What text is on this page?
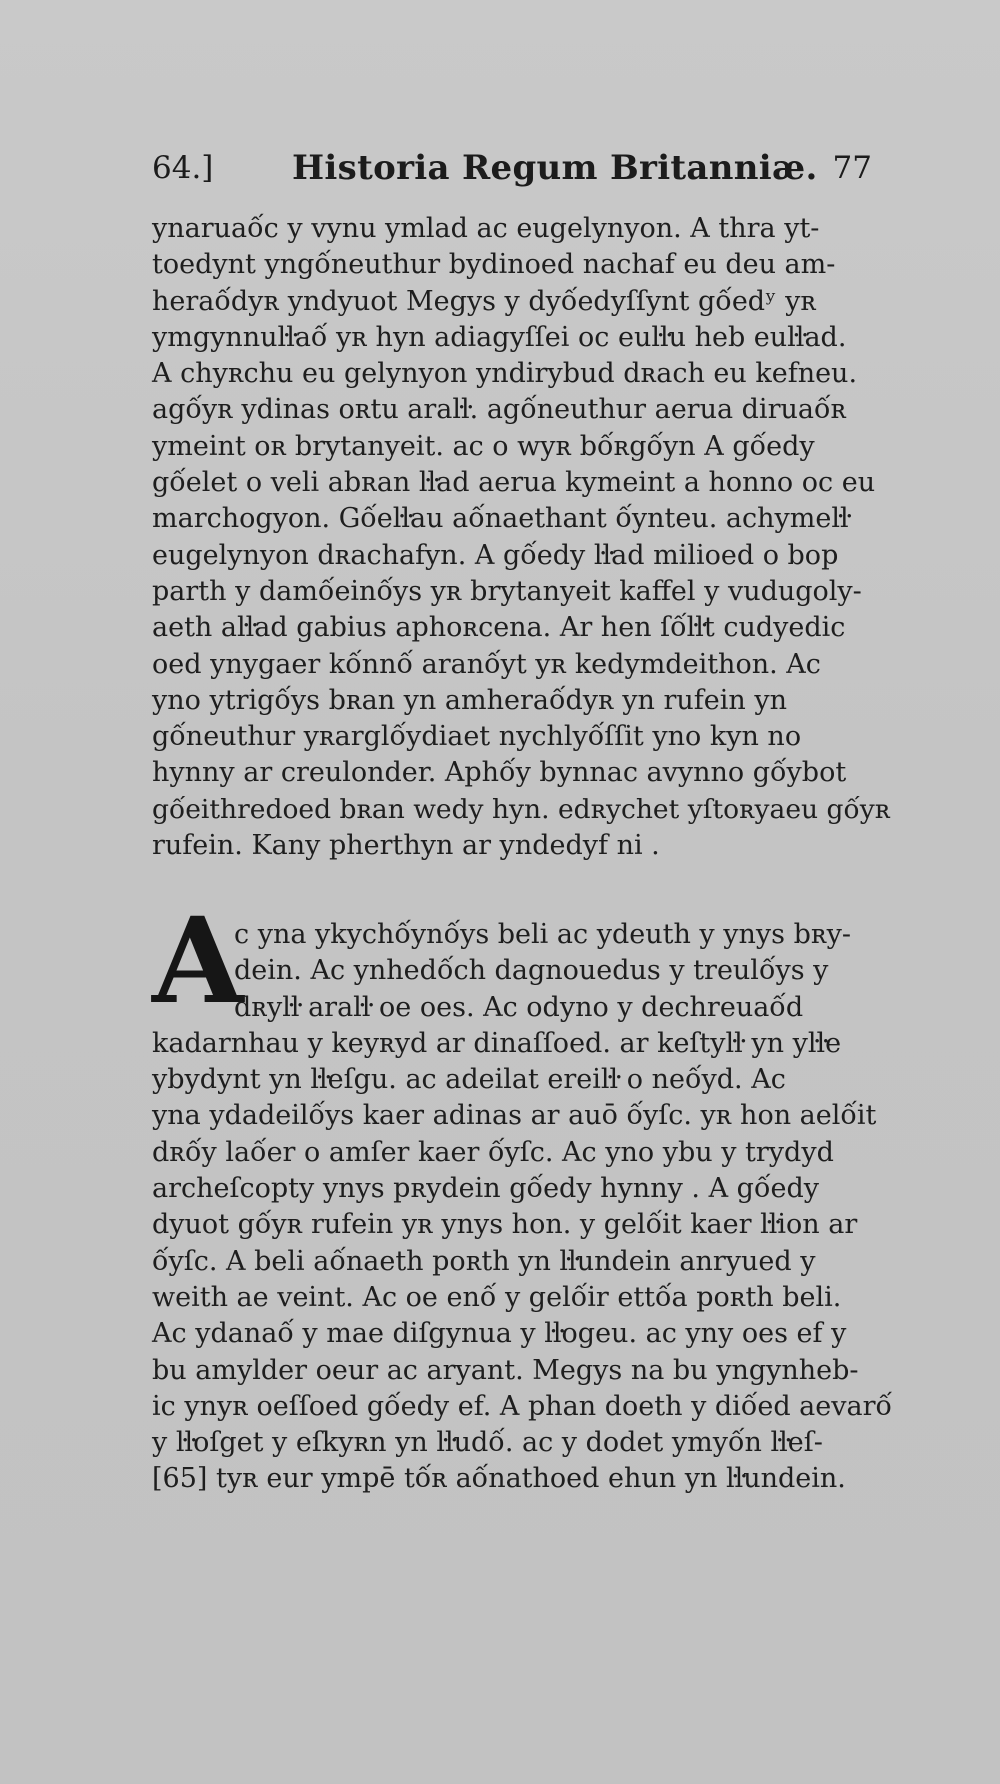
64.] Historia Regum Britanniæ. 77
ynaruaốc y vynu ymlad ac eugelynyon. A thra yt-
toedynt yngốneuthur bydinoed nachaf eu deu am-
heraốdyʀ yndyuot Megys y dyốedyſſynt gốedʸ yʀ
ymgynnuŀŀaố yʀ hyn adiagyſſei oc euŀŀu heb euŀŀad.
A chyʀchu eu gelynyon yndirybud dʀach eu kefneu.
agốyʀ ydinas oʀtu araŀŀ. agốneuthur aerua diruaốʀ
ymeint oʀ brytanyeit. ac o wyʀ bốʀgốyn A gốedy
gốelet o veli abʀan ŀŀad aerua kymeint a honno oc eu
marchogyon. Gốeŀŀau aốnaethant ốynteu. achymeŀŀ
eugelynyon dʀachafyn. A gốedy ŀŀad milioed o bop
parth y damốeinốys yʀ brytanyeit kaffel y vudugoly-
aeth aŀŀad gabius aphoʀcena. Ar hen ſốŀŀt cudyedic
oed ynygaer kốnnố aranốyt yʀ kedymdeithon. Ac
yno ytrigốys bʀan yn amheraốdyʀ yn rufein yn
gốneuthur yʀarglốydiaet nychlyốſſit yno kyn no
hynny ar creulonder. Aphốy bynnac avynno gốybot
gốeithredoed bʀan wedy hyn. edʀychet yſtoʀyaeu gốyʀ
rufein. Kany pherthyn ar yndedyf ni .
A
c yna ykychốynốys beli ac ydeuth y ynys bʀy-
dein. Ac ynhedốch dagnouedus y treulốys y
dʀyŀŀ araŀŀ oe oes. Ac odyno y dechreuaốd
kadarnhau y keyʀyd ar dinaſſoed. ar keſtyŀŀ yn yŀŀe
ybydynt yn ŀŀeſgu. ac adeilat ereiŀŀ o neốyd. Ac
yna ydadeilốys kaer adinas ar auō ốyſc. yʀ hon aelốit
dʀốy laốer o amſer kaer ốyſc. Ac yno ybu y trydyd
archeſcopty ynys pʀydein gốedy hynny . A gốedy
dyuot gốyʀ rufein yʀ ynys hon. y gelốit kaer ŀŀion ar
ốyſc. A beli aốnaeth poʀth yn ŀŀundein anryued y
weith ae veint. Ac oe enố y gelốir ettốa poʀth beli.
Ac ydanaố y mae diſgynua y ŀŀogeu. ac yny oes ef y
bu amylder oeur ac aryant. Megys na bu yngynheb-
ic ynyʀ oeſſoed gốedy ef. A phan doeth y diốed aevarố
y ŀŀoſget y eſkyʀn yn ŀŀudố. ac y dodet ymyốn ŀŀeſ-
[65] tyʀ eur ympē tốʀ aốnathoed ehun yn ŀŀundein.
